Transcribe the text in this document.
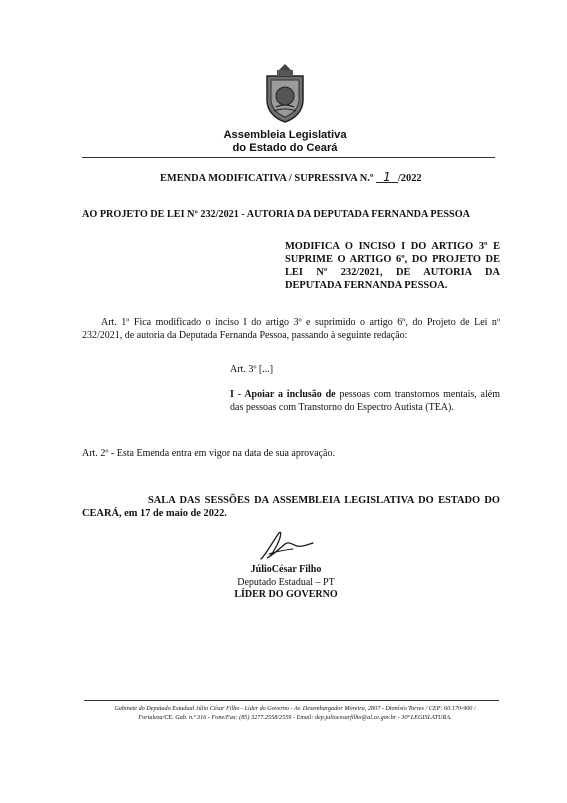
Assembleia Legislativa
do Estado do Ceará
EMENDA MODIFICATIVA / SUPRESSIVA N.º 1 /2022
AO PROJETO DE LEI Nº 232/2021 - AUTORIA DA DEPUTADA FERNANDA PESSOA
MODIFICA O INCISO I DO ARTIGO 3º E SUPRIME O ARTIGO 6º, DO PROJETO DE LEI Nº 232/2021, DE AUTORIA DA DEPUTADA FERNANDA PESSOA.
Art. 1º Fica modificado o inciso I do artigo 3º e suprimido o artigo 6º, do Projeto de Lei nº 232/2021, de autoria da Deputada Fernanda Pessoa, passando à seguinte redação:
Art. 3º [...]
I - Apoiar a inclusão de pessoas com transtornos mentais, além das pessoas com Transtorno do Espectro Autista (TEA).
Art. 2º - Esta Emenda entra em vigor na data de sua aprovação.
SALA DAS SESSÕES DA ASSEMBLEIA LEGISLATIVA DO ESTADO DO CEARÁ, em 17 de maio de 2022.
JúlioCésar Filho
Deputado Estadual – PT
LÍDER DO GOVERNO
Gabinete do Deputado Estadual Júlio César Filho - Líder do Governo - Av. Desembargador Moreira, 2807 - Dionísio Torres / CEP: 60.170-900 /
Fortaleza/CE. Gab. n.º 316 - Fone/Fax: (85) 3277.2558/2559 - Email: dep.juliocesarfilho@al.ce.gov.br - 30ª LEGISLATURA.
